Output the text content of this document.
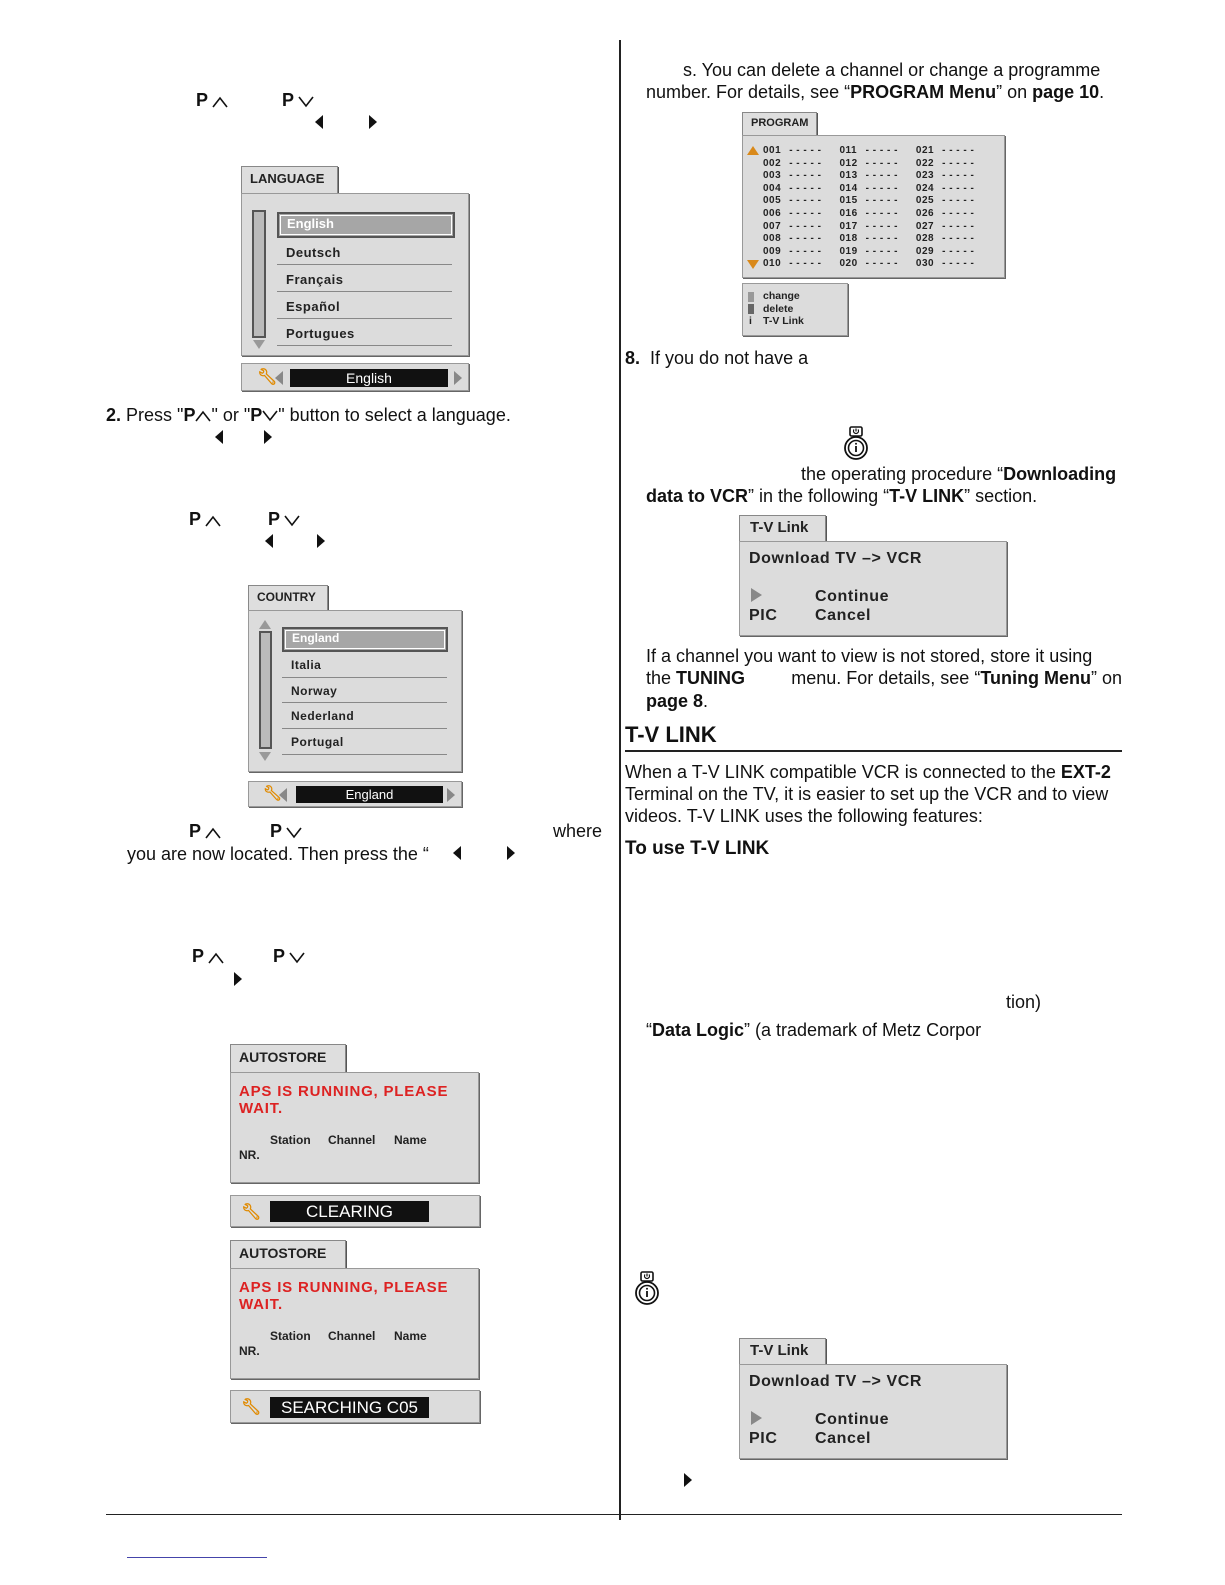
P	P
LANGUAGE
English
Deutsch
Français
Español
Portugues
🔧︎	English
2. Press "P " or "P " button to select a language.
P	P
COUNTRY
England
Italia
Norway
Nederland
Portugal
🔧︎	England
P	P	where
you are now located. Then press the “
P	P
AUTOSTORE
APS IS RUNNING, PLEASE WAIT.
Station Channel Name
NR.
🔧︎	CLEARING
AUTOSTORE
APS IS RUNNING, PLEASE WAIT.
Station Channel Name
NR.
🔧︎	SEARCHING C05
s. You can delete a channel or change a programme
number. For details, see “PROGRAM Menu” on page 10.
PROGRAM
001	- - - - -	011	- - - - -	021	- - - - -
002	- - - - -	012	- - - - -	022	- - - - -
003	- - - - -	013	- - - - -	023	- - - - -
004	- - - - -	014	- - - - -	024	- - - - -
005	- - - - -	015	- - - - -	025	- - - - -
006	- - - - -	016	- - - - -	026	- - - - -
007	- - - - -	017	- - - - -	027	- - - - -
008	- - - - -	018	- - - - -	028	- - - - -
009	- - - - -	019	- - - - -	029	- - - - -
010	- - - - -	020	- - - - -	030	- - - - -
change
delete
i T-V Link
8. If you do not have a
the operating procedure “Downloading
data to VCR” in the following “T-V LINK” section.
T-V Link
Download TV –> VCR
Continue
PIC Cancel
If a channel you want to view is not stored, store it using
the TUNING	menu. For details, see “Tuning Menu” on
page 8.
T-V LINK
When a T-V LINK compatible VCR is connected to the EXT-2
Terminal on the TV, it is easier to set up the VCR and to view
videos. T-V LINK uses the following features:
To use T-V LINK
tion)
“Data Logic” (a trademark of Metz Corpor
T-V Link
Download TV –> VCR
Continue
PIC Cancel
